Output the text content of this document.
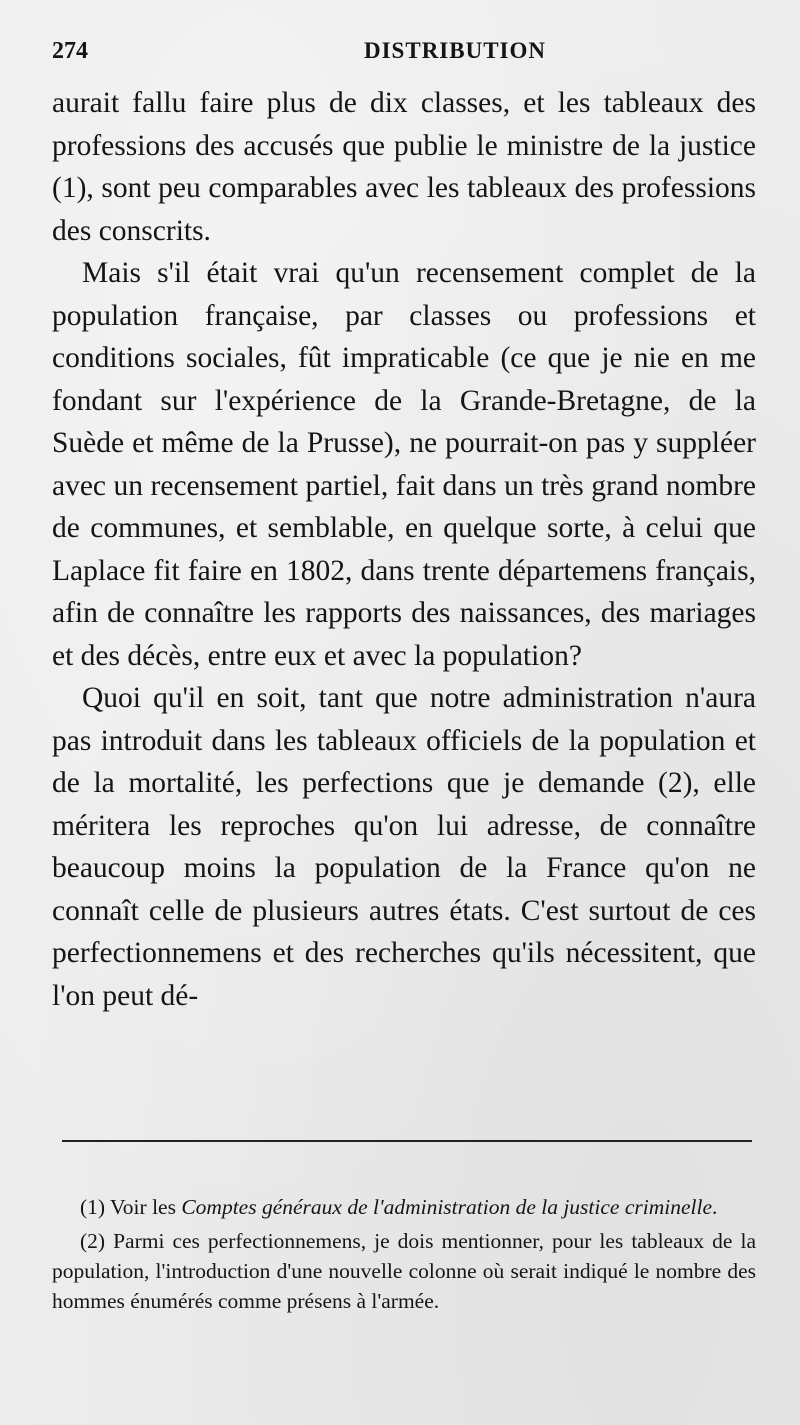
274	DISTRIBUTION

aurait fallu faire plus de dix classes, et les tableaux des professions des accusés que publie le ministre de la justice (1), sont peu comparables avec les tableaux des professions des conscrits.

Mais s'il était vrai qu'un recensement complet de la population française, par classes ou professions et conditions sociales, fût impraticable (ce que je nie en me fondant sur l'expérience de la Grande-Bretagne, de la Suède et même de la Prusse), ne pourrait-on pas y suppléer avec un recensement partiel, fait dans un très grand nombre de communes, et semblable, en quelque sorte, à celui que Laplace fit faire en 1802, dans trente départemens français, afin de connaître les rapports des naissances, des mariages et des décès, entre eux et avec la population?

Quoi qu'il en soit, tant que notre administration n'aura pas introduit dans les tableaux officiels de la population et de la mortalité, les perfections que je demande (2), elle méritera les reproches qu'on lui adresse, de connaître beaucoup moins la population de la France qu'on ne connaît celle de plusieurs autres états. C'est surtout de ces perfectionnemens et des recherches qu'ils nécessitent, que l'on peut dé-

(1) Voir les Comptes généraux de l'administration de la justice criminelle.

(2) Parmi ces perfectionnemens, je dois mentionner, pour les tableaux de la population, l'introduction d'une nouvelle colonne où serait indiqué le nombre des hommes énumérés comme présens à l'armée.
